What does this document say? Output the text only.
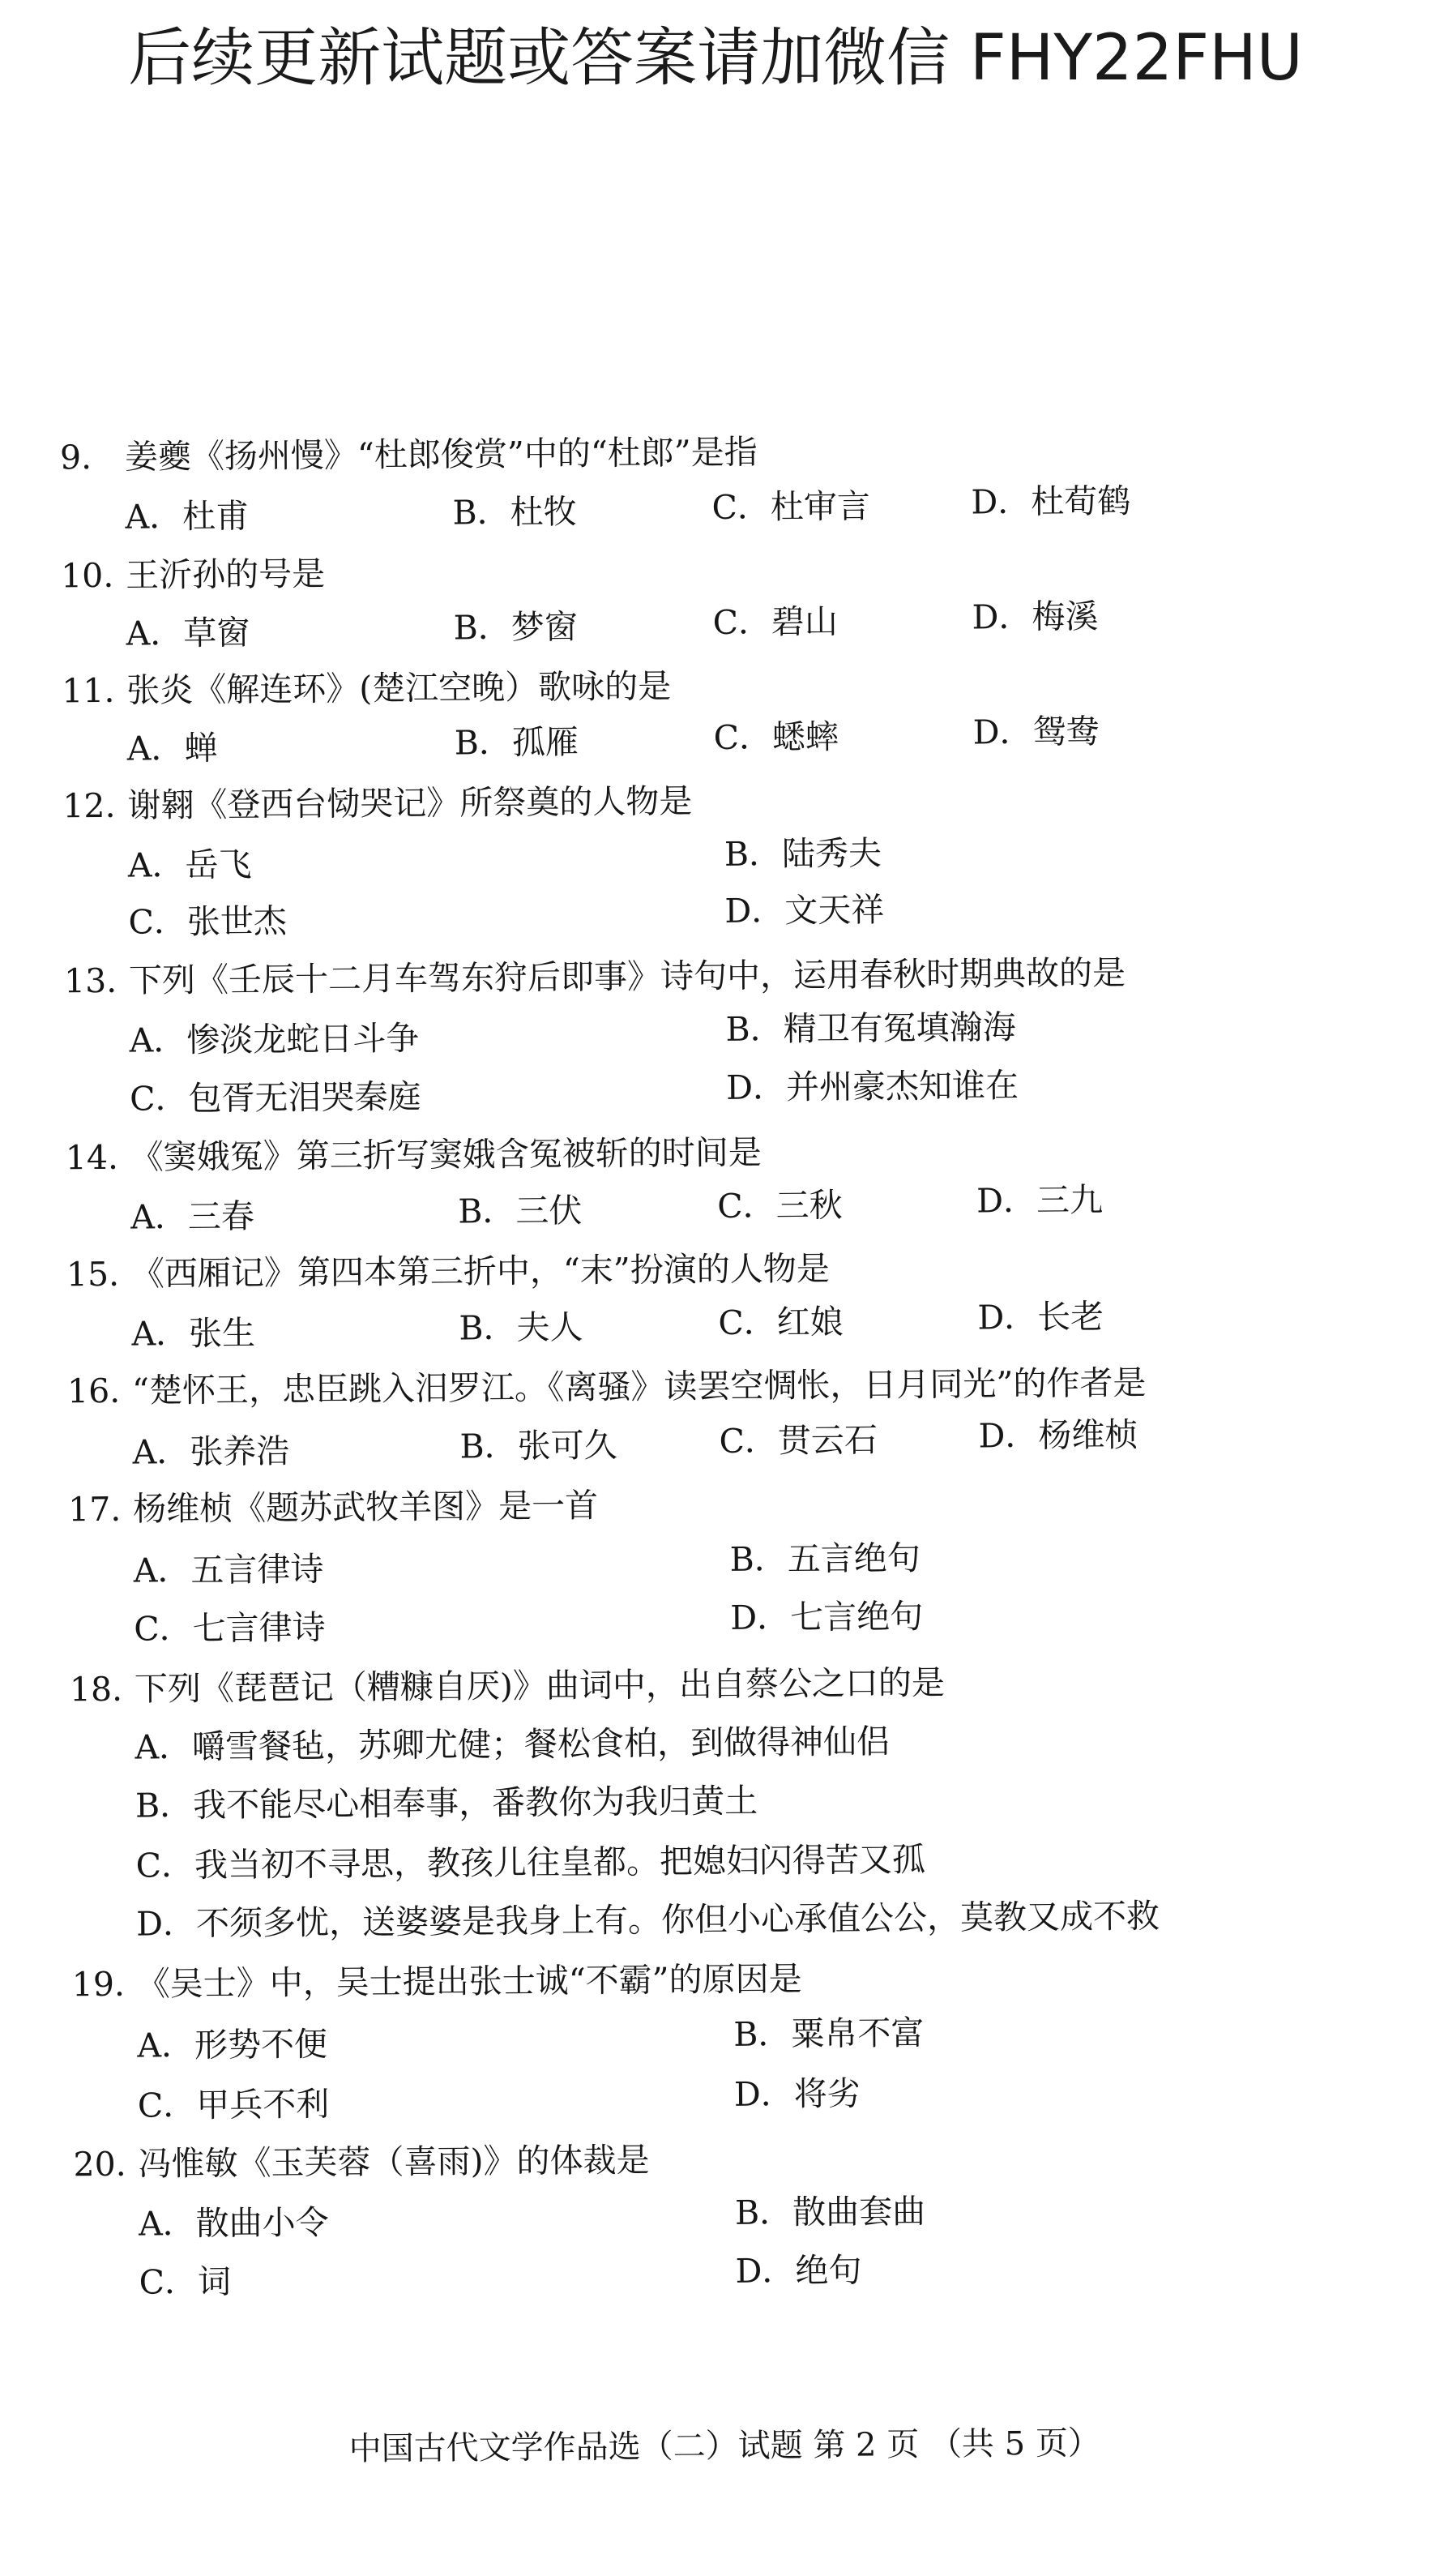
后续更新试题或答案请加微信 FHY22FHU
9. 姜夔《扬州慢》“杜郎俊赏”中的“杜郎”是指
A．杜甫	B．杜牧	C．杜审言	D．杜荀鹤
10. 王沂孙的号是
A．草窗	B．梦窗	C．碧山	D．梅溪
11. 张炎《解连环》(楚江空晚）歌咏的是
A．蝉	B．孤雁	C．蟋蟀	D．鸳鸯
12. 谢翱《登西台恸哭记》所祭奠的人物是
A．岳飞	B．陆秀夫
C．张世杰	D．文天祥
13. 下列《壬辰十二月车驾东狩后即事》诗句中，运用春秋时期典故的是
A．惨淡龙蛇日斗争	B．精卫有冤填瀚海
C．包胥无泪哭秦庭	D．并州豪杰知谁在
14. 《窦娥冤》第三折写窦娥含冤被斩的时间是
A．三春	B．三伏	C．三秋	D．三九
15. 《西厢记》第四本第三折中，“末”扮演的人物是
A．张生	B．夫人	C．红娘	D．长老
16. “楚怀王，忠臣跳入汨罗江。《离骚》读罢空惆怅，日月同光”的作者是
A．张养浩	B．张可久	C．贯云石	D．杨维桢
17. 杨维桢《题苏武牧羊图》是一首
A．五言律诗	B．五言绝句
C．七言律诗	D．七言绝句
18. 下列《琵琶记（糟糠自厌)》曲词中，出自蔡公之口的是
A．嚼雪餐毡，苏卿尤健；餐松食柏，到做得神仙侣
B．我不能尽心相奉事，番教你为我归黄土
C．我当初不寻思，教孩儿往皇都。把媳妇闪得苦又孤
D．不须多忧，送婆婆是我身上有。你但小心承值公公，莫教又成不救
19. 《吴士》中，吴士提出张士诚“不霸”的原因是
A．形势不便	B．粟帛不富
C．甲兵不利	D．将劣
20. 冯惟敏《玉芙蓉（喜雨)》的体裁是
A．散曲小令	B．散曲套曲
C．词	D．绝句
中国古代文学作品选（二）试题 第 2 页 （共 5 页）
